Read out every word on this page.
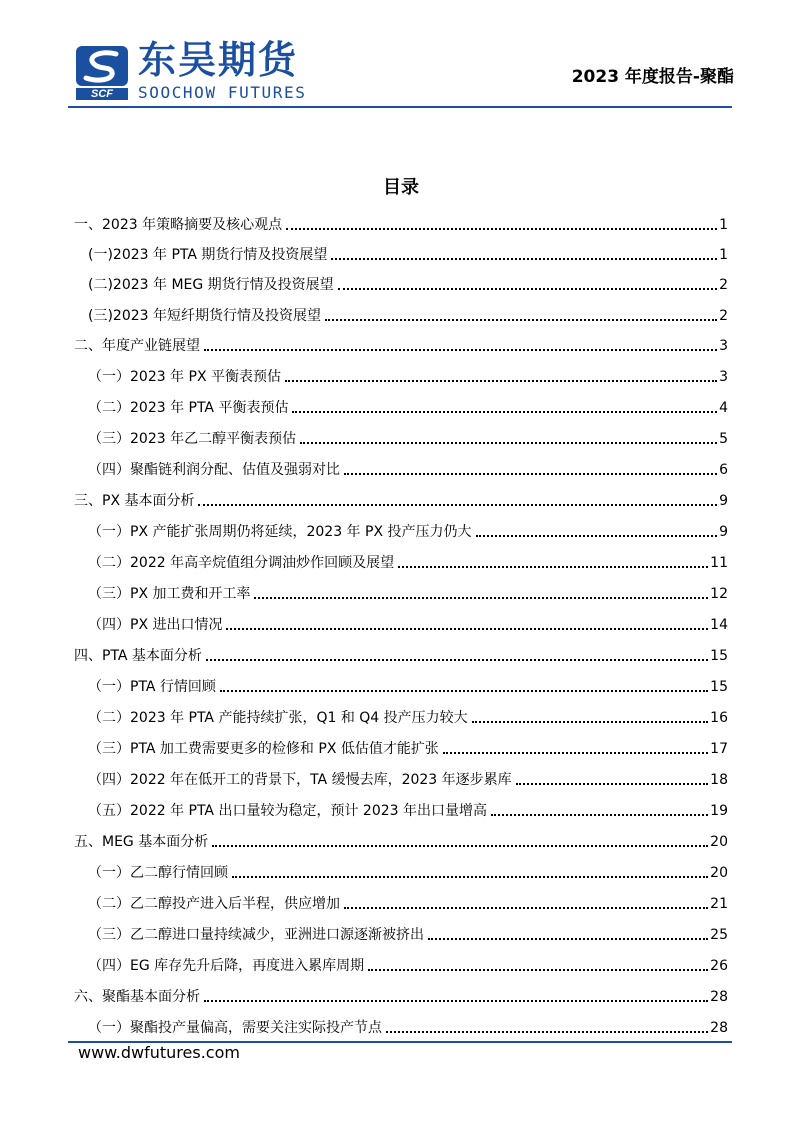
SCF
东吴期货
SOOCHOW FUTURES
2023 年度报告-聚酯
目录
一、2023 年策略摘要及核心观点	1
(一)2023 年 PTA 期货行情及投资展望	1
(二)2023 年 MEG 期货行情及投资展望	2
(三)2023 年短纤期货行情及投资展望	2
二、年度产业链展望	3
（一）2023 年 PX 平衡表预估	3
（二）2023 年 PTA 平衡表预估	4
（三）2023 年乙二醇平衡表预估	5
（四）聚酯链利润分配、估值及强弱对比	6
三、PX 基本面分析	9
（一）PX 产能扩张周期仍将延续，2023 年 PX 投产压力仍大	9
（二）2022 年高辛烷值组分调油炒作回顾及展望	11
（三）PX 加工费和开工率	12
（四）PX 进出口情况	14
四、PTA 基本面分析	15
（一）PTA 行情回顾	15
（二）2023 年 PTA 产能持续扩张，Q1 和 Q4 投产压力较大	16
（三）PTA 加工费需要更多的检修和 PX 低估值才能扩张	17
（四）2022 年在低开工的背景下，TA 缓慢去库，2023 年逐步累库	18
（五）2022 年 PTA 出口量较为稳定，预计 2023 年出口量增高	19
五、MEG 基本面分析	20
（一）乙二醇行情回顾	20
（二）乙二醇投产进入后半程，供应增加	21
（三）乙二醇进口量持续减少，亚洲进口源逐渐被挤出	25
（四）EG 库存先升后降，再度进入累库周期	26
六、聚酯基本面分析	28
（一）聚酯投产量偏高，需要关注实际投产节点	28
www.dwfutures.com
